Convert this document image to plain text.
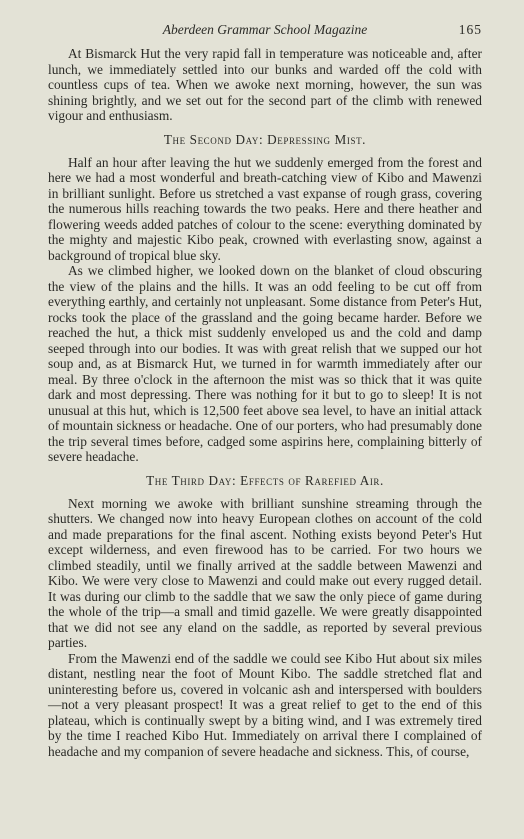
Aberdeen Grammar School Magazine	165

At Bismarck Hut the very rapid fall in temperature was noticeable and, after lunch, we immediately settled into our bunks and warded off the cold with countless cups of tea. When we awoke next morning, however, the sun was shining brightly, and we set out for the second part of the climb with renewed vigour and enthusiasm.

The Second Day: Depressing Mist.

Half an hour after leaving the hut we suddenly emerged from the forest and here we had a most wonderful and breath-catching view of Kibo and Mawenzi in brilliant sunlight. Before us stretched a vast expanse of rough grass, covering the numerous hills reaching towards the two peaks. Here and there heather and flowering weeds added patches of colour to the scene: everything dominated by the mighty and majestic Kibo peak, crowned with everlasting snow, against a background of tropical blue sky.

As we climbed higher, we looked down on the blanket of cloud obscuring the view of the plains and the hills. It was an odd feeling to be cut off from everything earthly, and certainly not unpleasant. Some distance from Peter's Hut, rocks took the place of the grassland and the going became harder. Before we reached the hut, a thick mist suddenly enveloped us and the cold and damp seeped through into our bodies. It was with great relish that we supped our hot soup and, as at Bismarck Hut, we turned in for warmth immediately after our meal. By three o'clock in the afternoon the mist was so thick that it was quite dark and most depressing. There was nothing for it but to go to sleep! It is not unusual at this hut, which is 12,500 feet above sea level, to have an initial attack of mountain sickness or headache. One of our porters, who had presumably done the trip several times before, cadged some aspirins here, complaining bitterly of severe headache.

The Third Day: Effects of Rarefied Air.

Next morning we awoke with brilliant sunshine streaming through the shutters. We changed now into heavy European clothes on account of the cold and made preparations for the final ascent. Nothing exists beyond Peter's Hut except wilderness, and even firewood has to be carried. For two hours we climbed steadily, until we finally arrived at the saddle between Mawenzi and Kibo. We were very close to Mawenzi and could make out every rugged detail. It was during our climb to the saddle that we saw the only piece of game during the whole of the trip—a small and timid gazelle. We were greatly disappointed that we did not see any eland on the saddle, as reported by several previous parties.

From the Mawenzi end of the saddle we could see Kibo Hut about six miles distant, nestling near the foot of Mount Kibo. The saddle stretched flat and uninteresting before us, covered in volcanic ash and interspersed with boulders—not a very pleasant prospect! It was a great relief to get to the end of this plateau, which is continually swept by a biting wind, and I was extremely tired by the time I reached Kibo Hut. Immediately on arrival there I complained of headache and my companion of severe headache and sickness. This, of course,
